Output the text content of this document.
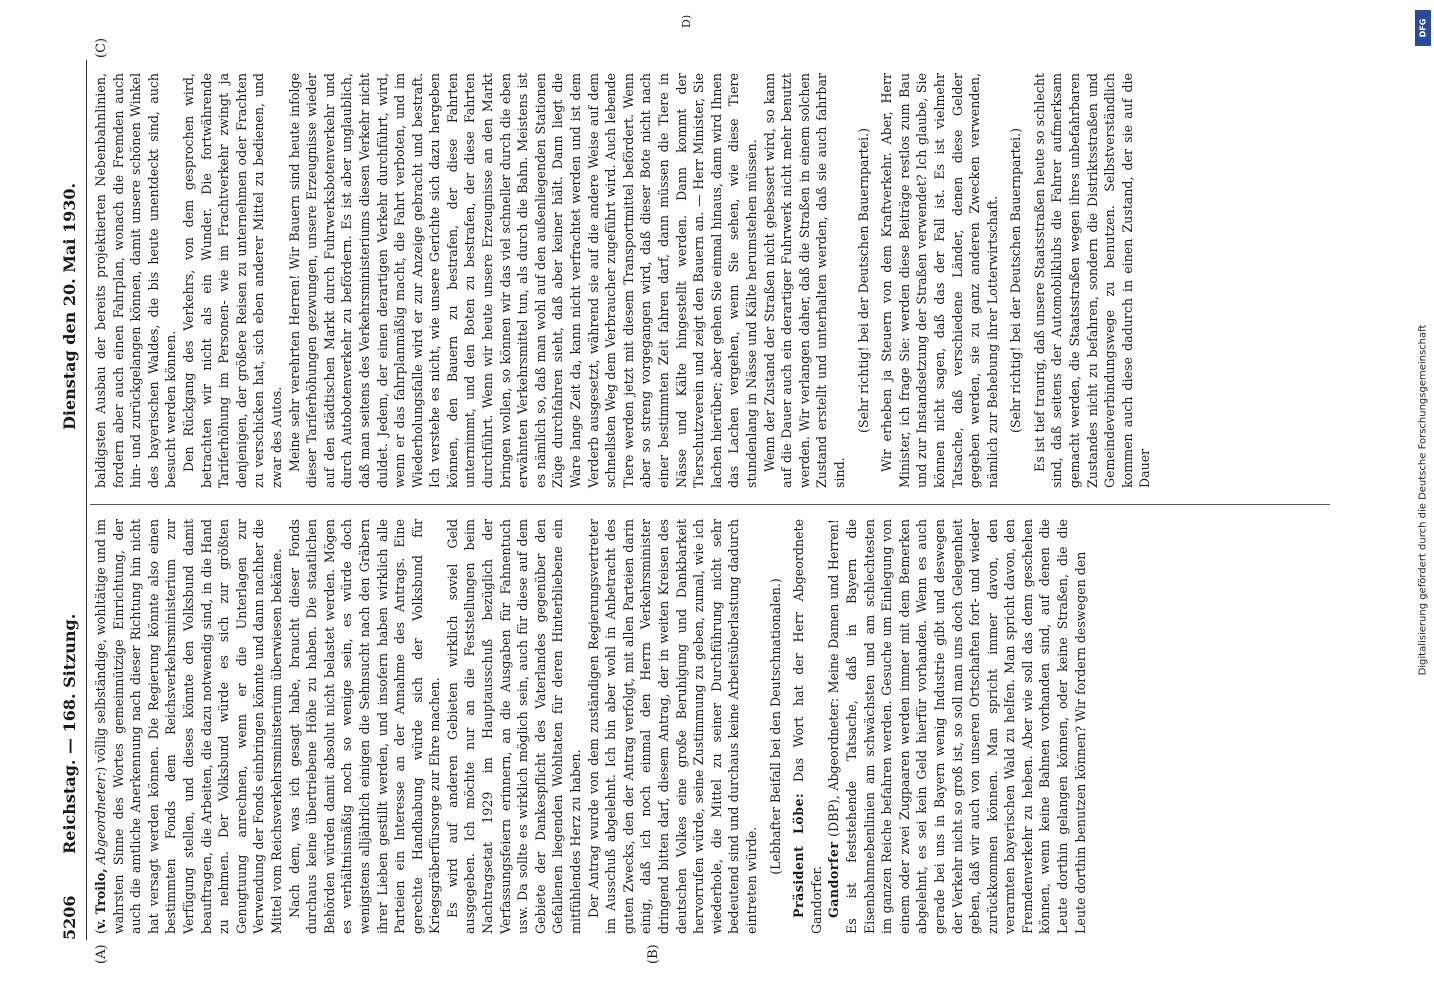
5206
Reichstag. — 168. Sitzung.
Dienstag den 20. Mai 1930.
(A)	(B)
(C)
D)

(v. Troilo, Abgeordneter:) völlig selbständige, wohltätige und im wahrsten Sinne des Wortes gemeinnützige Einrichtung, der auch die amtliche Anerkennung nach dieser Richtung hin nicht hat versagt werden können. Die Regierung könnte also einen bestimmten Fonds dem Reichsverkehrsministerium zur Verfügung stellen, und dieses könnte den Volksbund damit beauftragen, die Arbeiten, die dazu notwendig sind, in die Hand zu nehmen. Der Volksbund würde es sich zur größten Genugtuung anrechnen, wenn er die Unterlagen zur Verwendung der Fonds einbringen könnte und dann nachher die Mittel vom Reichsverkehrsministerium überwiesen bekäme. Nach dem, was ich gesagt habe, braucht dieser Fonds durchaus keine übertriebene Höhe zu haben. Die staatlichen Behörden würden damit absolut nicht belastet werden. Mögen es verhältnismäßig noch so wenige sein, es würde doch wenigstens alljährlich einigen die Sehnsucht nach den Gräbern ihrer Lieben gestillt werden, und insofern haben wirklich alle Parteien ein Interesse an der Annahme des Antrags. Eine gerechte Handhabung würde sich der Volksbund für Kriegsgräberfürsorge zur Ehre machen. Es wird auf anderen Gebieten wirklich soviel Geld ausgegeben. Ich möchte nur an die Feststellungen beim Nachtragsetat 1929 im Hauptausschuß bezüglich der Verfassungsfeiern erinnern, an die Ausgaben für Fahnentuch usw. Da sollte es wirklich möglich sein, auch für diese auf dem Gebiete der Dankespflicht des Vaterlandes gegenüber den Gefallenen liegenden Wohltaten für deren Hinterbliebene ein mitfühlendes Herz zu haben. Der Antrag wurde von dem zuständigen Regierungsvertreter im Ausschuß abgelehnt. Ich bin aber wohl in Anbetracht des guten Zwecks, den der Antrag verfolgt, mit allen Parteien darin einig, daß ich noch einmal den Herrn Verkehrsminister dringend bitten darf, diesem Antrag, der in weiten Kreisen des deutschen Volkes eine große Beruhigung und Dankbarkeit hervorrufen würde, seine Zustimmung zu geben, zumal, wie ich wiederhole, die Mittel zu seiner Durchführung nicht sehr bedeutend sind und durchaus keine Arbeitsüberlastung dadurch eintreten würde.

(Lebhafter Beifall bei den Deutschnationalen.) Präsident Löbe: Das Wort hat der Herr Abgeordnete Gandorfer. Gandorfer (DBP), Abgeordneter: Meine Damen und Herren! Es ist feststehende Tatsache, daß in Bayern die Eisenbahnnebenlinien am schwächsten und am schlechtesten im ganzen Reiche befahren werden. Gesuche um Einlegung von einem oder zwei Zugpaaren werden immer mit dem Bemerken abgelehnt, es sei kein Geld hierfür vorhanden. Wenn es auch gerade bei uns in Bayern wenig Industrie gibt und deswegen der Verkehr nicht so groß ist, so soll man uns doch Gelegenheit geben, daß wir auch von unseren Ortschaften fort- und wieder zurückkommen können. Man spricht immer davon, den verarmten bayerischen Wald zu helfen. Man spricht davon, den Fremdenverkehr zu heben. Aber wie soll das denn geschehen können, wenn keine Bahnen vorhanden sind, auf denen die Leute dorthin gelangen können, oder keine Straßen, die die Leute dorthin benutzen können? Wir fordern deswegen den

baldigsten Ausbau der bereits projektierten Nebenbahnlinien, fordern aber auch einen Fahrplan, wonach die Fremden auch hin- und zurückgelangen können, damit unsere schönen Winkel des bayerischen Waldes, die bis heute unentdeckt sind, auch besucht werden können. Den Rückgang des Verkehrs, von dem gesprochen wird, betrachten wir nicht als ein Wunder. Die fortwährende Tariferhöhung im Personen- wie im Frachtverkehr zwingt ja denjenigen, der größere Reisen zu unternehmen oder Frachten zu verschicken hat, sich eben anderer Mittel zu bedienen, und zwar des Autos. Meine sehr verehrten Herren! Wir Bauern sind heute infolge dieser Tariferhöhungen gezwungen, unsere Erzeugnisse wieder auf den städtischen Markt durch Fuhrwerksbotenverkehr und durch Autobotenverkehr zu befördern. Es ist aber unglaublich, daß man seitens des Verkehrsministeriums diesen Verkehr nicht duldet. Jedem, der einen derartigen Verkehr durchführt, wird, wenn er das fahrplanmäßig macht, die Fahrt verboten, und im Wiederholungsfalle wird er zur Anzeige gebracht und bestraft. Ich verstehe es nicht, wie unsere Gerichte sich dazu hergeben können, den Bauern zu bestrafen, der diese Fahrten unternimmt, und den Boten zu bestrafen, der diese Fahrten durchführt. Wenn wir heute unsere Erzeugnisse an den Markt bringen wollen, so können wir das viel schneller durch die eben erwähnten Verkehrsmittel tun, als durch die Bahn. Meistens ist es nämlich so, daß man wohl auf den außenliegenden Stationen Züge durchfahren sieht, daß aber keiner hält. Dann liegt die Ware lange Zeit da, kann nicht verfrachtet werden und ist dem Verderb ausgesetzt, während sie auf die andere Weise auf dem schnellsten Weg dem Verbraucher zugeführt wird. Auch lebende Tiere werden jetzt mit diesem Transportmittel befördert. Wenn aber so streng vorgegangen wird, daß dieser Bote nicht nach einer bestimmten Zeit fahren darf, dann müssen die Tiere in Nässe und Kälte hingestellt werden. Dann kommt der Tierschutzverein und zeigt den Bauern an. — Herr Minister, Sie lachen hierüber; aber gehen Sie einmal hinaus, dann wird Ihnen das Lachen vergehen, wenn Sie sehen, wie diese Tiere stundenlang in Nässe und Kälte herumstehen müssen. Wenn der Zustand der Straßen nicht gebessert wird, so kann auf die Dauer auch ein derartiger Fuhrwerk nicht mehr benutzt werden. Wir verlangen daher, daß die Straßen in einem solchen Zustand erstellt und unterhalten werden, daß sie auch fahrbar sind.

(Sehr richtig! bei der Deutschen Bauernpartei.) Wir erheben ja Steuern von dem Kraftverkehr. Aber, Herr Minister, ich frage Sie: werden diese Beiträge restlos zum Bau und zur Instandsetzung der Straßen verwendet? Ich glaube, Sie können nicht sagen, daß das der Fall ist. Es ist vielmehr Tatsache, daß verschiedene Länder, denen diese Gelder gegeben werden, sie zu ganz anderen Zwecken verwenden, nämlich zur Behebung ihrer Lotterwirtschaft. (Sehr richtig! bei der Deutschen Bauernpartei.) Es ist tief traurig, daß unsere Staatsstraßen heute so schlecht sind, daß seitens der Automobilklubs die Fahrer aufmerksam gemacht werden, die Staatsstraßen wegen ihres unbefahrbaren Zustandes nicht zu befahren, sondern die Distriktsstraßen und Gemeindeverbindungswege zu benutzen. Selbstverständlich kommen auch diese dadurch in einen Zustand, der sie auf die Dauer

DFG
Digitalisierung gefördert durch die Deutsche Forschungsgemeinschaft
